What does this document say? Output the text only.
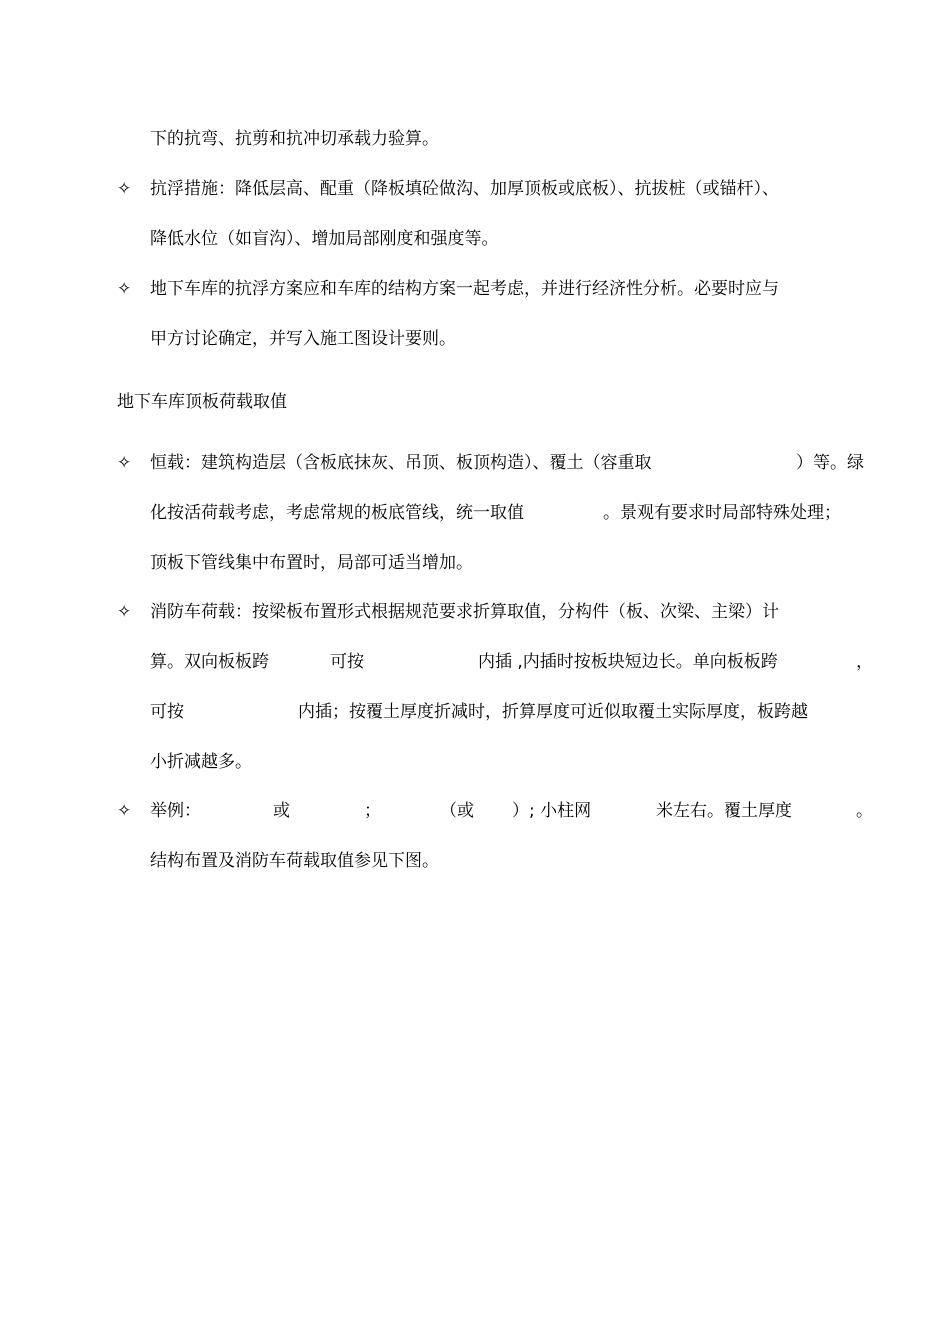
下的抗弯、抗剪和抗冲切承载力验算。
✧ 抗浮措施：降低层高、配重（降板填砼做沟、加厚顶板或底板）、抗拔桩（或锚杆）、
降低水位（如盲沟）、增加局部刚度和强度等。
✧ 地下车库的抗浮方案应和车库的结构方案一起考虑，并进行经济性分析。必要时应与
甲方讨论确定，并写入施工图设计要则。
地下车库顶板荷载取值
✧ 恒载：建筑构造层（含板底抹灰、吊顶、板顶构造）、覆土（容重取	）等。绿
化按活荷载考虑，考虑常规的板底管线，统一取值	。景观有要求时局部特殊处理；
顶板下管线集中布置时，局部可适当增加。
✧ 消防车荷载：按梁板布置形式根据规范要求折算取值，分构件（板、次梁、主梁）计
算。双向板板跨	可按	内插 ,内插时按板块短边长。单向板板跨	，
可按	内插；按覆土厚度折减时，折算厚度可近似取覆土实际厚度，板跨越
小折减越多。
✧ 举例：	或	；	（或 ）; 小柱网	米左右。覆土厚度	。
结构布置及消防车荷载取值参见下图。
